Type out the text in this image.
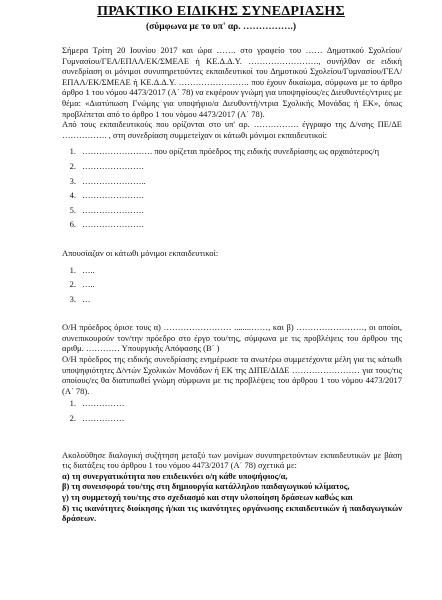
ΠΡΑΚΤΙΚΟ ΕΙΔΙΚΗΣ ΣΥΝΕΔΡΙΑΣΗΣ
(σύμφωνα με το υπ' αρ. …………….)

Σήμερα Τρίτη 20 Ιουνίου 2017 και ώρα ……. στο γραφείο του …… Δημοτικού Σχολείου/Γυμνασίου/ΓΕΛ/ΕΠΑΛ/ΕΚ/ΣΜΕΑΕ ή ΚΕ.Δ.Δ.Υ. ……………………., συνήλθαν σε ειδική συνεδρίαση οι μόνιμοι συνυπηρετούντες εκπαιδευτικοί του Δημοτικού Σχολείου/Γυμνασίου/ΓΕΛ/ΕΠΑΛ/ΕΚ/ΣΜΕΑΕ ή ΚΕ.Δ.Δ.Υ. ……………………. που έχουν δικαίωμα, σύμφωνα με το άρθρο άρθρο 1 του νόμου 4473/2017 (Α΄ 78) να εκφέρουν γνώμη για υποψηφίους/ες Διευθυντές/ντριες με θέμα: «Διατύπωση Γνώμης για υποψήφιο/α Διευθυντή/ντρια Σχολικής Μονάδας ή ΕΚ», όπως προβλέπεται από το άρθρο 1 του νόμου 4473/2017 (Α΄ 78).

Από τους εκπαιδευτικούς που ορίζονται στο υπ' αρ. ……………. έγγραφο της Δ/νσης ΠΕ/ΔΕ ……………. , στη συνεδρίαση συμμετείχαν οι κάτωθι μόνιμοι εκπαιδευτικοί:

1. ……………………. που ορίζεται πρόεδρος της ειδικής συνεδρίασης ως αρχαιότερος/η
2. ………………….
3. …………………..
4. ………………….
5. ………………….
6. ………………….

Απουσίαζαν οι κάτωθι μόνιμοι εκπαιδευτικοί:

1. …..
2. …..
3. …

Ο/Η πρόεδρος όρισε τους α) …………………… ........……, και β) ……………………, οι οποίοι, συνεπικουρούν τον/την πρόεδρο στο έργο του/της, σύμφωνα με τις προβλέψεις του άρθρου της αριθμ. ………… Υπουργικής Απόφασης (Β΄ )

Ο/Η πρόεδρος της ειδικής συνεδρίασης ενημέρωσε τα ανωτέρω συμμετέχοντα μέλη για τις κάτωθι υποψηφιότητες Δ/ντών Σχολικών Μονάδων ή ΕΚ της ΔΙΠΕ/ΔΙΔΕ …………………… για τους/τις οποίους/ες θα διατυπωθεί γνώμη σύμφωνα με τις προβλέψεις του άρθρου 1 του νόμου 4473/2017 (Α΄ 78).

1. ……………
2. ……………

Ακολούθησε διαλογική συζήτηση μεταξύ των μονίμων συνυπηρετούντων εκπαιδευτικών με βάση τις διατάξεις του άρθρου 1 του νόμου 4473/2017 (Α΄ 78) σχετικά με:

α) τη συνεργατικότητα που επιδεικνύει ο/η κάθε υποψήφιος/α,

β) τη συνεισφορά του/της στη δημιουργία κατάλληλου παιδαγωγικού κλίματος,

γ) τη συμμετοχή του/της στο σχεδιασμό και στην υλοποίηση δράσεων καθώς και

δ) τις ικανότητες διοίκησης ή/και τις ικανότητες οργάνωσης εκπαιδευτικών ή παιδαγωγικών δράσεων.
